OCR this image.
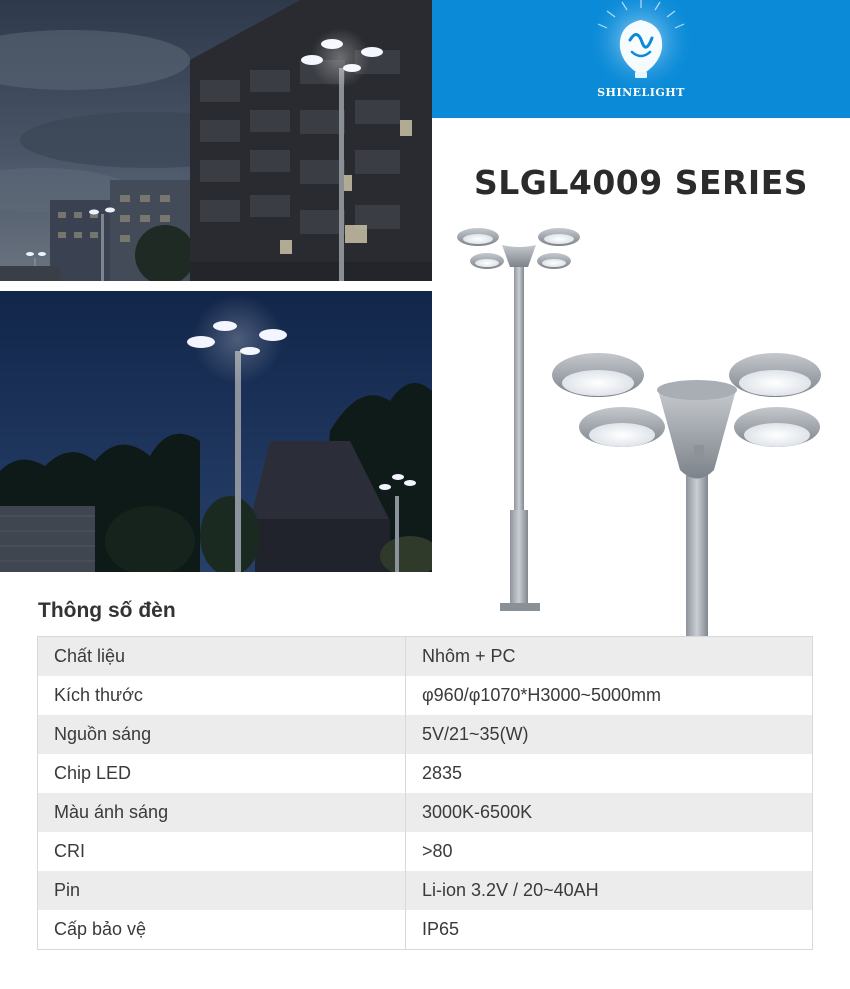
SHINELIGHT
SLGL4009 SERIES
Thông số đèn
Chất liệu	Nhôm + PC
Kích thước	φ960/φ1070*H3000~5000mm
Nguồn sáng	5V/21~35(W)
Chip LED	2835
Màu ánh sáng	3000K-6500K
CRI	>80
Pin	Li-ion 3.2V / 20~40AH
Cấp bảo vệ	IP65
